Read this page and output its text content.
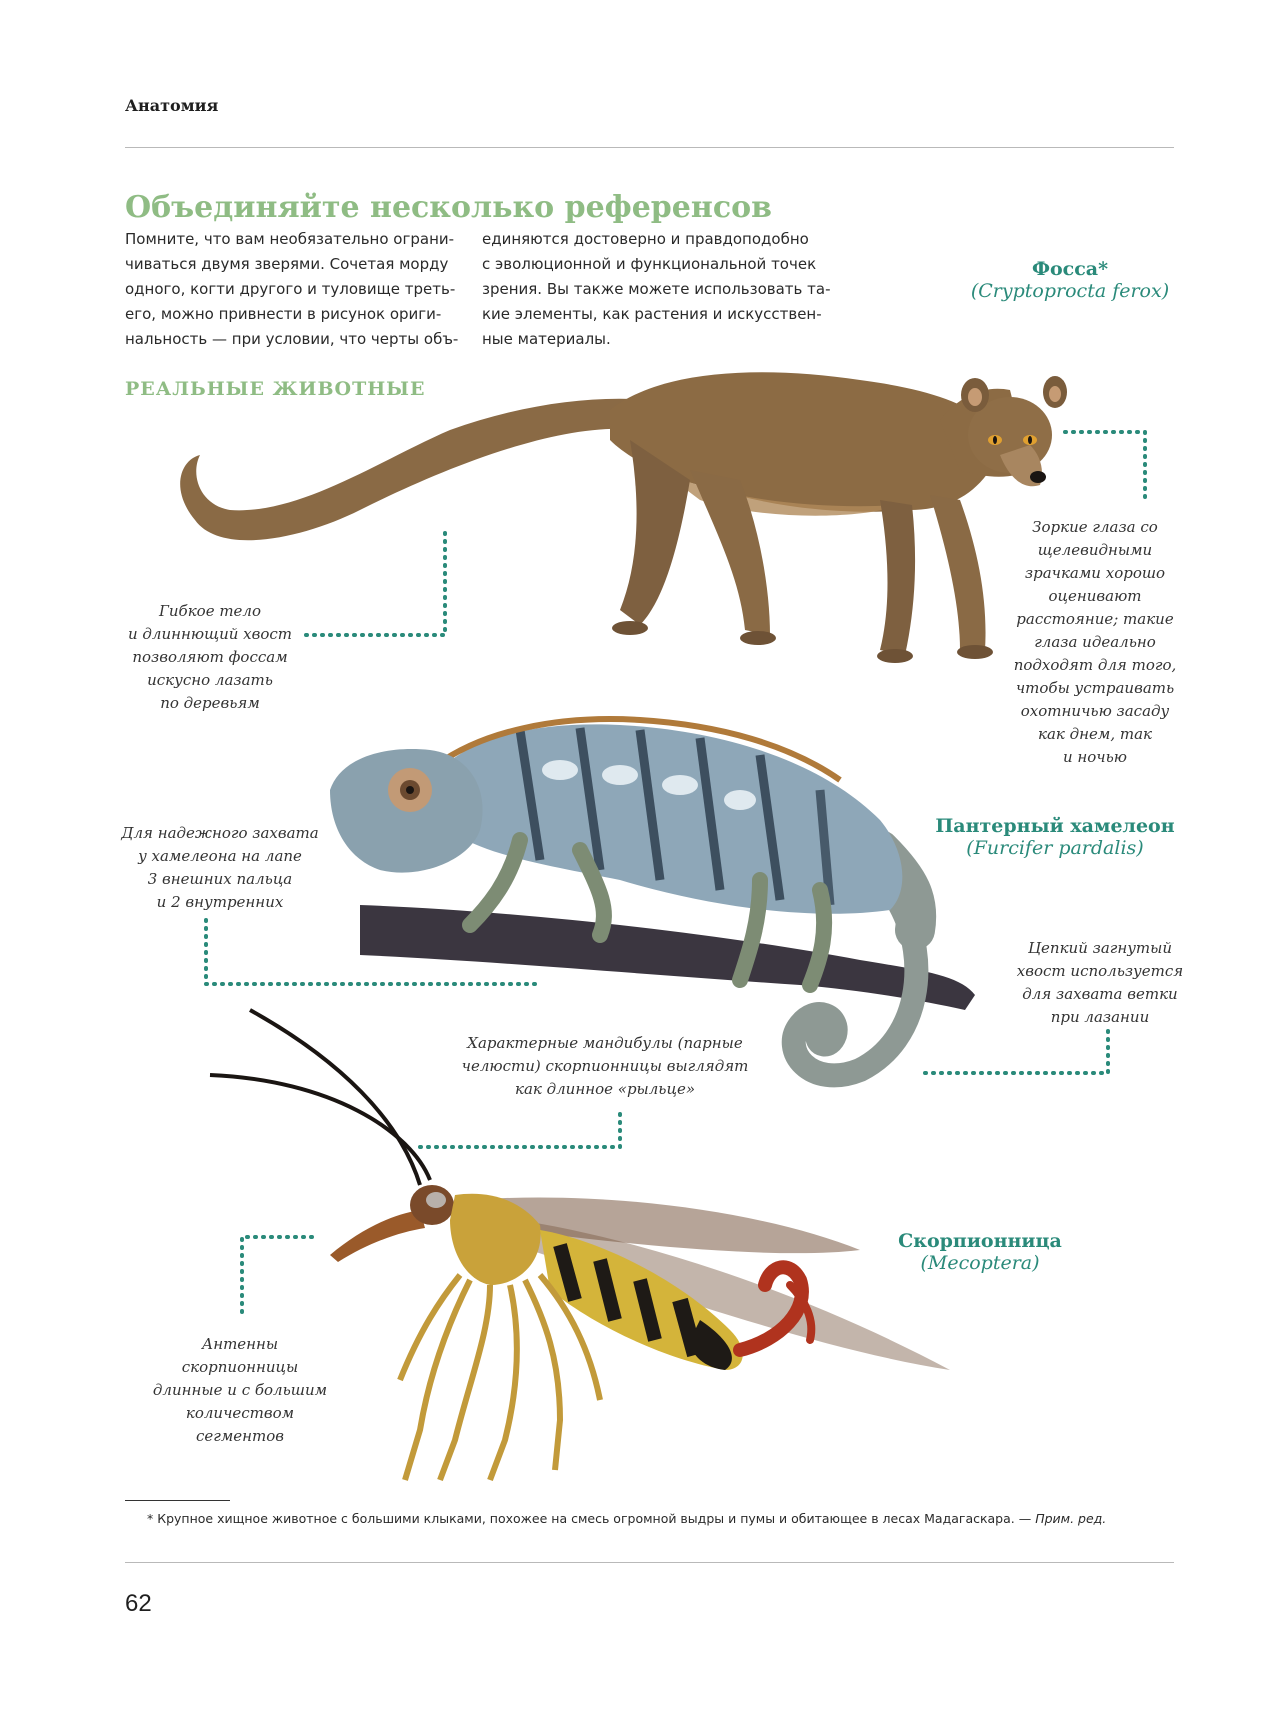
Анатомия
Объединяйте несколько референсов
Помните, что вам необязательно ограни-
чиваться двумя зверями. Сочетая морду
одного, когти другого и туловище треть-
его, можно привнести в рисунок ориги-
нальность — при условии, что черты объ-
единяются достоверно и правдоподобно
с эволюционной и функциональной точек
зрения. Вы также можете использовать та-
кие элементы, как растения и искусствен-
ные материалы.
РЕАЛЬНЫЕ ЖИВОТНЫЕ
Фосса*
(Cryptoprocta ferox)
Пантерный хамелеон
(Furcifer pardalis)
Скорпионница
(Mecoptera)
Гибкое тело
и длиннющий хвост
позволяют фоссам
искусно лазать
по деревьям
Зоркие глаза со
щелевидными
зрачками хорошо
оценивают
расстояние; такие
глаза идеально
подходят для того,
чтобы устраивать
охотничью засаду
как днем, так
и ночью
Для надежного захвата
у хамелеона на лапе
3 внешних пальца
и 2 внутренних
Цепкий загнутый
хвост используется
для захвата ветки
при лазании
Характерные мандибулы (парные
челюсти) скорпионницы выглядят
как длинное «рыльце»
Антенны
скорпионницы
длинные и с большим
количеством
сегментов
* Крупное хищное животное с большими клыками, похожее на смесь огромной выдры и пумы и обитающее в лесах Мадагаскара. — Прим. ред.
62
